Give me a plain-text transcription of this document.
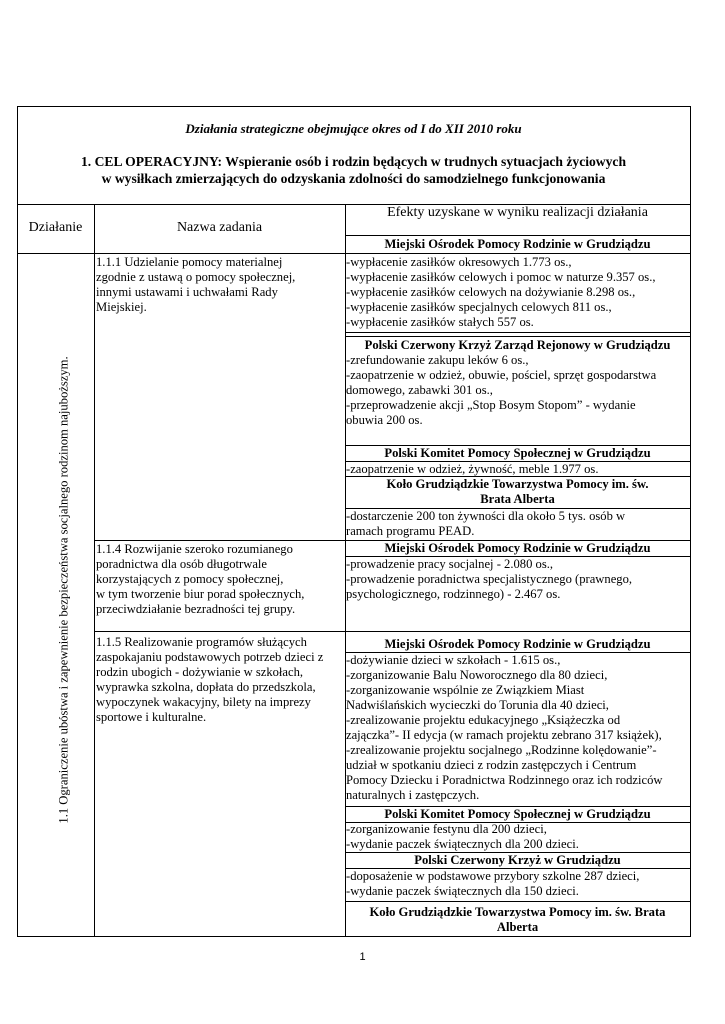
Działania strategiczne obejmujące okres od I do XII 2010 roku
1. CEL OPERACYJNY: Wspieranie osób i rodzin będących w trudnych sytuacjach życiowych
w wysiłkach zmierzających do odzyskania zdolności do samodzielnego funkcjonowania
Działanie	Nazwa zadania
Efekty uzyskane w wyniku realizacji działania
Miejski Ośrodek Pomocy Rodzinie w Grudziądzu
1.1 Ograniczenie ubóstwa i zapewnienie bezpieczeństwa socjalnego rodzinom najuboższym.
1.1.1 Udzielanie pomocy materialnej
zgodnie z ustawą o pomocy społecznej,
innymi ustawami i uchwałami Rady
Miejskiej.
1.1.4 Rozwijanie szeroko rozumianego
poradnictwa dla osób długotrwale
korzystających z pomocy społecznej,
w tym tworzenie biur porad społecznych,
przeciwdziałanie bezradności tej grupy.
1.1.5 Realizowanie programów służących
zaspokajaniu podstawowych potrzeb dzieci z
rodzin ubogich - dożywianie w szkołach,
wyprawka szkolna, dopłata do przedszkola,
wypoczynek wakacyjny, bilety na imprezy
sportowe i kulturalne.
-wypłacenie zasiłków okresowych 1.773 os.,
-wypłacenie zasiłków celowych i pomoc w naturze 9.357 os.,
-wypłacenie zasiłków celowych na dożywianie 8.298 os.,
-wypłacenie zasiłków specjalnych celowych 811 os.,
-wypłacenie zasiłków stałych 557 os.
Polski Czerwony Krzyż Zarząd Rejonowy w Grudziądzu
-zrefundowanie zakupu leków 6 os.,
-zaopatrzenie w odzież, obuwie, pościel, sprzęt gospodarstwa
domowego, zabawki 301 os.,
-przeprowadzenie akcji „Stop Bosym Stopom” - wydanie
obuwia 200 os.
Polski Komitet Pomocy Społecznej w Grudziądzu
-zaopatrzenie w odzież, żywność, meble 1.977 os.
Koło Grudziądzkie Towarzystwa Pomocy im. św.
Brata Alberta
-dostarczenie 200 ton żywności dla około 5 tys. osób w
ramach programu PEAD.
Miejski Ośrodek Pomocy Rodzinie w Grudziądzu
-prowadzenie pracy socjalnej - 2.080 os.,
-prowadzenie poradnictwa specjalistycznego (prawnego,
psychologicznego, rodzinnego) - 2.467 os.
Miejski Ośrodek Pomocy Rodzinie w Grudziądzu
-dożywianie dzieci w szkołach - 1.615 os.,
-zorganizowanie Balu Noworocznego dla 80 dzieci,
-zorganizowanie wspólnie ze Związkiem Miast
Nadwiślańskich wycieczki do Torunia dla 40 dzieci,
-zrealizowanie projektu edukacyjnego „Książeczka od
zajączka”- II edycja (w ramach projektu zebrano 317 książek),
-zrealizowanie projektu socjalnego „Rodzinne kolędowanie”-
udział w spotkaniu dzieci z rodzin zastępczych i Centrum
Pomocy Dziecku i Poradnictwa Rodzinnego oraz ich rodziców
naturalnych i zastępczych.
Polski Komitet Pomocy Społecznej w Grudziądzu
-zorganizowanie festynu dla 200 dzieci,
-wydanie paczek świątecznych dla 200 dzieci.
Polski Czerwony Krzyż w Grudziądzu
-doposażenie w podstawowe przybory szkolne 287 dzieci,
-wydanie paczek świątecznych dla 150 dzieci.
Koło Grudziądzkie Towarzystwa Pomocy im. św. Brata
Alberta
1
